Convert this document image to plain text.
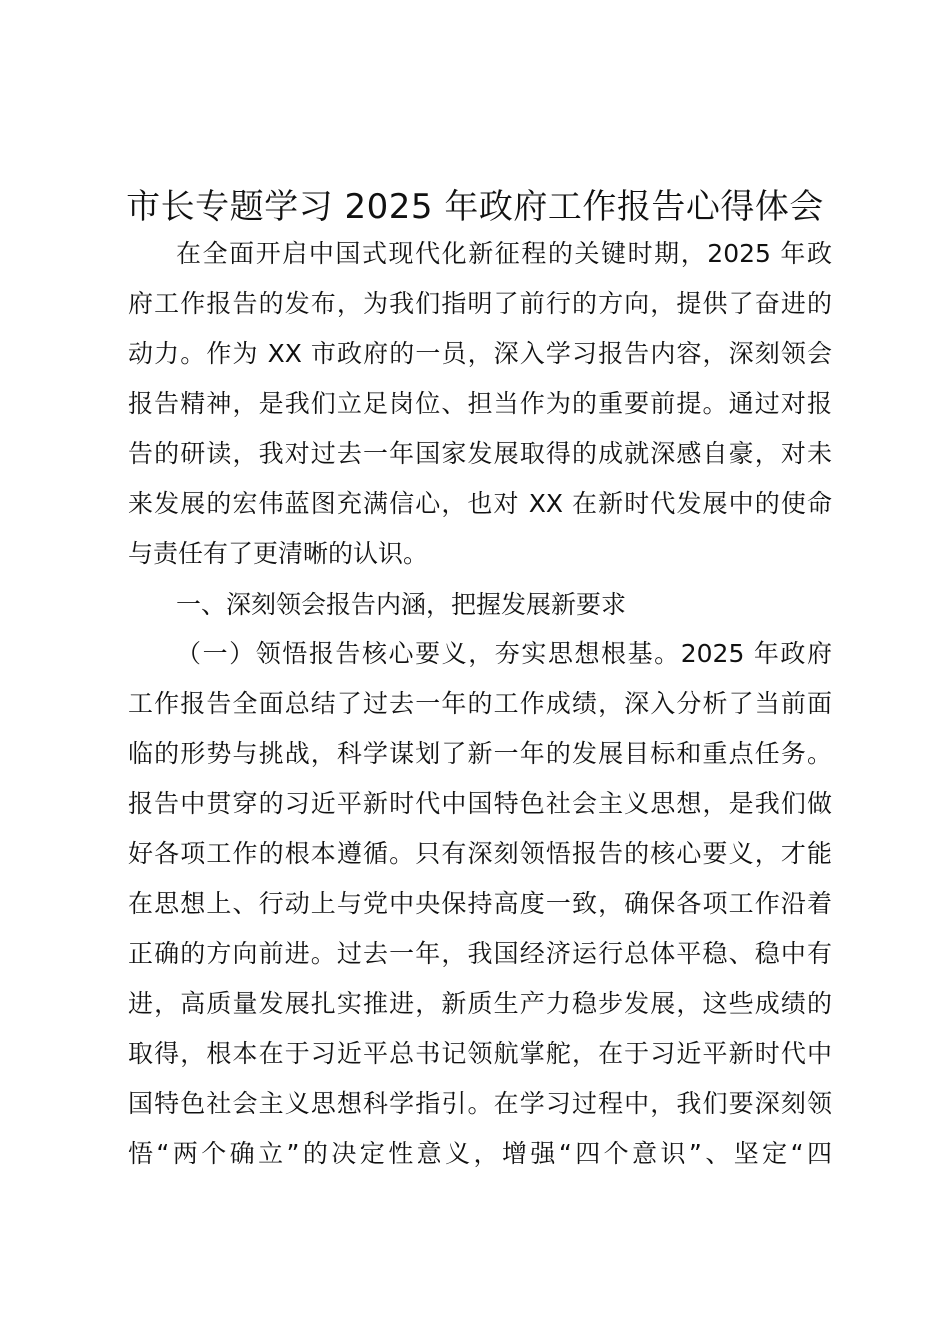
市长专题学习 2025 年政府工作报告心得体会
在全面开启中国式现代化新征程的关键时期，2025 年政
府工作报告的发布，为我们指明了前行的方向，提供了奋进的
动力。作为 XX 市政府的一员，深入学习报告内容，深刻领会
报告精神，是我们立足岗位、担当作为的重要前提。通过对报
告的研读，我对过去一年国家发展取得的成就深感自豪，对未
来发展的宏伟蓝图充满信心，也对 XX 在新时代发展中的使命
与责任有了更清晰的认识。
一、深刻领会报告内涵，把握发展新要求
（一）领悟报告核心要义，夯实思想根基。2025 年政府
工作报告全面总结了过去一年的工作成绩，深入分析了当前面
临的形势与挑战，科学谋划了新一年的发展目标和重点任务。
报告中贯穿的习近平新时代中国特色社会主义思想，是我们做
好各项工作的根本遵循。只有深刻领悟报告的核心要义，才能
在思想上、行动上与党中央保持高度一致，确保各项工作沿着
正确的方向前进。过去一年，我国经济运行总体平稳、稳中有
进，高质量发展扎实推进，新质生产力稳步发展，这些成绩的
取得，根本在于习近平总书记领航掌舵，在于习近平新时代中
国特色社会主义思想科学指引。在学习过程中，我们要深刻领
悟“两个确立”的决定性意义，增强“四个意识”、坚定“四
